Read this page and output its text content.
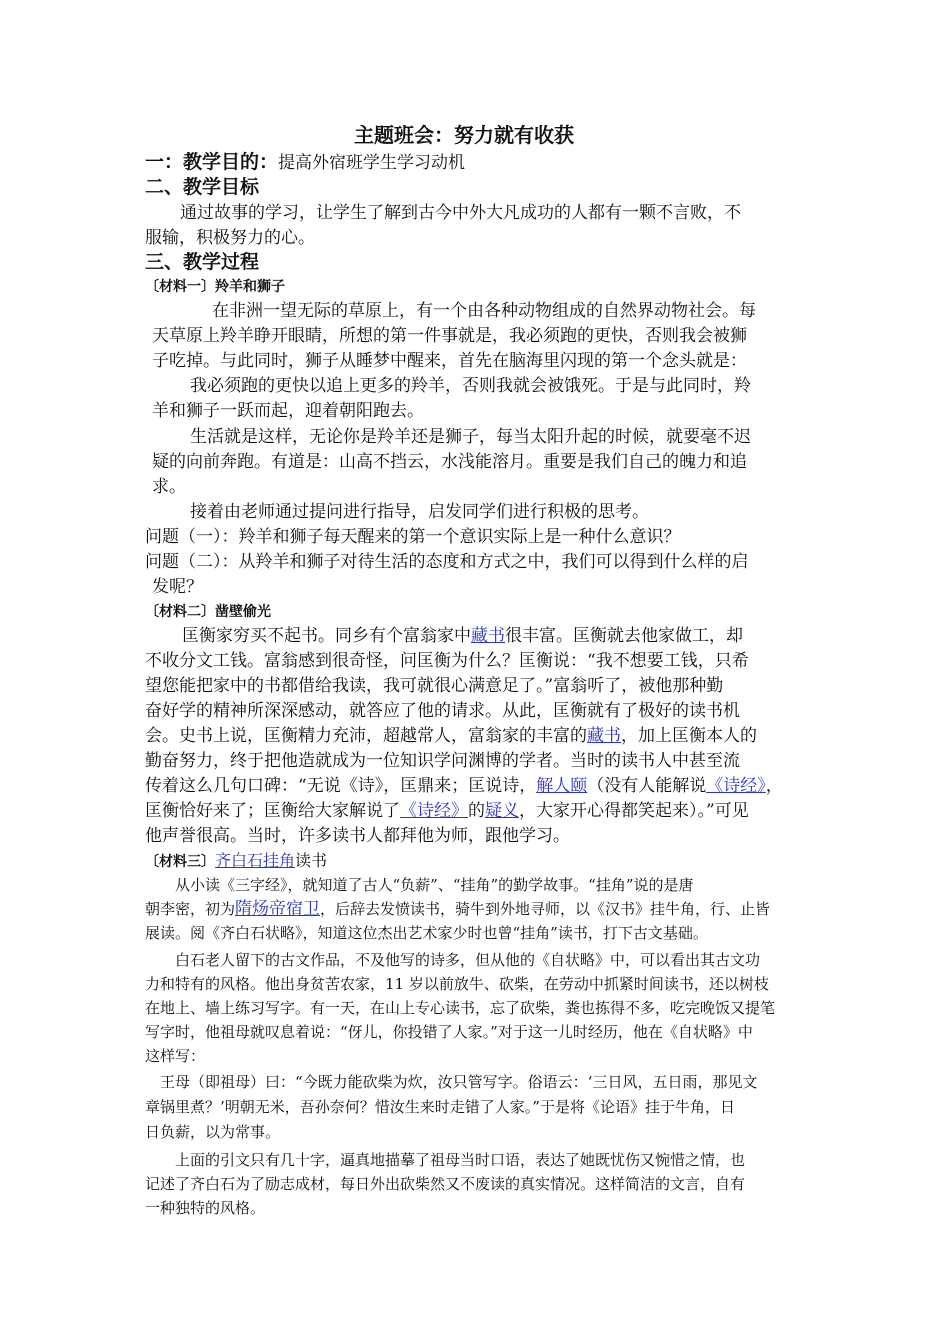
主题班会：努力就有收获
一：教学目的：提高外宿班学生学习动机
二、教学目标
通过故事的学习，让学生了解到古今中外大凡成功的人都有一颗不言败，不
服输，积极努力的心。
三、教学过程
〔材料一〕羚羊和狮子
在非洲一望无际的草原上，有一个由各种动物组成的自然界动物社会。每
天草原上羚羊睁开眼睛，所想的第一件事就是，我必须跑的更快，否则我会被狮
子吃掉。与此同时，狮子从睡梦中醒来，首先在脑海里闪现的第一个念头就是：
我必须跑的更快以追上更多的羚羊，否则我就会被饿死。于是与此同时，羚
羊和狮子一跃而起，迎着朝阳跑去。
生活就是这样，无论你是羚羊还是狮子，每当太阳升起的时候，就要毫不迟
疑的向前奔跑。有道是：山高不挡云，水浅能溶月。重要是我们自己的魄力和追
求。
接着由老师通过提问进行指导，启发同学们进行积极的思考。
问题（一）：羚羊和狮子每天醒来的第一个意识实际上是一种什么意识？
问题（二）：从羚羊和狮子对待生活的态度和方式之中，我们可以得到什么样的启
发呢？
〔材料二〕凿壁偷光
匡衡家穷买不起书。同乡有个富翁家中藏书很丰富。匡衡就去他家做工，却
不收分文工钱。富翁感到很奇怪，问匡衡为什么？匡衡说：“我不想要工钱，只希
望您能把家中的书都借给我读，我可就很心满意足了。”富翁听了，被他那种勤
奋好学的精神所深深感动，就答应了他的请求。从此，匡衡就有了极好的读书机
会。史书上说，匡衡精力充沛，超越常人，富翁家的丰富的藏书，加上匡衡本人的
勤奋努力，终于把他造就成为一位知识学问渊博的学者。当时的读书人中甚至流
传着这么几句口碑：“无说《诗》，匡鼎来；匡说诗，解人颐（没有人能解说《诗经》，
匡衡恰好来了；匡衡给大家解说了《诗经》的疑义，大家开心得都笑起来）。”可见
他声誉很高。当时，许多读书人都拜他为师，跟他学习。
〔材料三〕齐白石挂角读书
从小读《三字经》，就知道了古人“负薪”、“挂角”的勤学故事。“挂角”说的是唐
朝李密，初为隋炀帝宿卫，后辞去发愤读书，骑牛到外地寻师，以《汉书》挂牛角，行、止皆
展读。阅《齐白石状略》，知道这位杰出艺术家少时也曾“挂角”读书，打下古文基础。
白石老人留下的古文作品，不及他写的诗多，但从他的《自状略》中，可以看出其古文功
力和特有的风格。他出身贫苦农家，11 岁以前放牛、砍柴，在劳动中抓紧时间读书，还以树枝
在地上、墙上练习写字。有一天，在山上专心读书，忘了砍柴，粪也拣得不多，吃完晚饭又提笔
写字时，他祖母就叹息着说：“伢儿，你投错了人家。”对于这一儿时经历，他在《自状略》中
这样写：
王母（即祖母）曰：“今既力能砍柴为炊，汝只管写字。俗语云：‘三日风，五日雨，那见文
章锅里煮？’明朝无米，吾孙奈何？惜汝生来时走错了人家。”于是将《论语》挂于牛角，日
日负薪，以为常事。
上面的引文只有几十字，逼真地描摹了祖母当时口语，表达了她既忧伤又惋惜之情，也
记述了齐白石为了励志成材，每日外出砍柴然又不废读的真实情况。这样简洁的文言，自有
一种独特的风格。
